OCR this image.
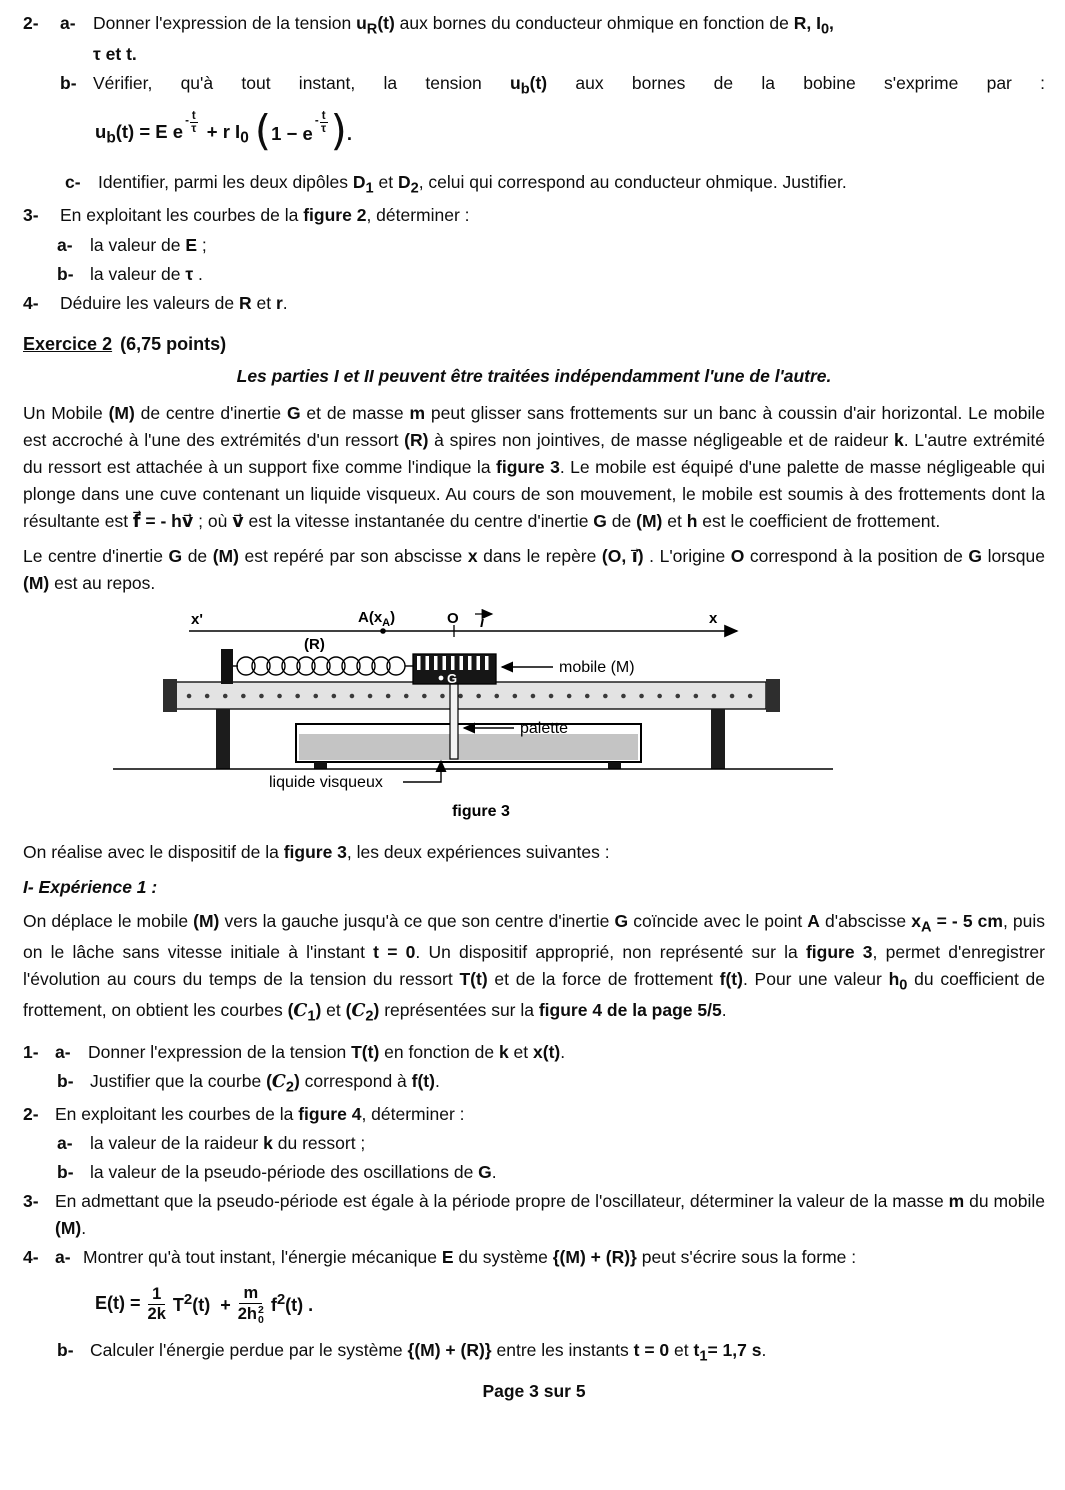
2-	a- Donner l'expression de la tension $u_R(t)$ aux bornes du conducteur ohmique en fonction de R, $I_0$,
τ et t.
b- Vérifier, qu'à tout instant, la tension $u_b(t)$ aux bornes de la bobine s'exprime par :
$u_b(t) = E$ $e - \frac{t}{\tau} + r$ $I_0$ ( 1 − e
- $\frac{t}{\tau}$ ) .
c- Identifier, parmi les deux dipôles $D_1$ et $D_2$, celui qui correspond au conducteur ohmique. Justifier.
3-	En exploitant les courbes de la figure 2, déterminer :
a- la valeur de E ;
b- la valeur de τ .
4-	Déduire les valeurs de R et r.
Exercice 2 (6,75 points)
Les parties I et II peuvent être traitées indépendamment l'une de l'autre.
Un Mobile (M) de centre d'inertie G et de masse m peut glisser sans frottements sur un banc à coussin d'air horizontal. Le mobile est accroché à l'une des extrémités d'un ressort (R) à spires non jointives, de masse négligeable et de raideur k. L'autre extrémité du ressort est attachée à un support fixe comme l'indique la figure 3. Le mobile est équipé d'une palette de masse négligeable qui plonge dans une cuve contenant un liquide visqueux. Au cours de son mouvement, le mobile est soumis à des frottements dont la résultante est f⃗ = - hv⃗ ; où v⃗ est la vitesse instantanée du centre d'inertie G de (M) et h est le coefficient de frottement.
Le centre d'inertie G de (M) est repéré par son abscisse x dans le repère (O, i⃗) . L'origine O correspond à la position de G lorsque (M) est au repos.
x'	$A(x_A)$	O i	x
(R)
G
mobile (M)
palette
liquide visqueux
figure 3
On réalise avec le dispositif de la figure 3, les deux expériences suivantes :
I- Expérience 1 :
On déplace le mobile (M) vers la gauche jusqu'à ce que son centre d'inertie G coïncide avec le point A d'abscisse $x_A$ = - 5 cm, puis on le lâche sans vitesse initiale à l'instant t = 0. Un dispositif approprié, non représenté sur la figure 3, permet d'enregistrer l'évolution au cours du temps de la tension du ressort T(t) et de la force de frottement f(t). Pour une valeur $h_0$ du coefficient de frottement, on obtient les courbes $(C_1)$ et $(C_2)$ représentées sur la figure 4 de la page 5/5.
1- a- Donner l'expression de la tension T(t) en fonction de k et x(t).
b- Justifier que la courbe $(C_2)$ correspond à f(t).
2- En exploitant les courbes de la figure 4, déterminer :
a- la valeur de la raideur k du ressort ;
b- la valeur de la pseudo-période des oscillations de G.
3- En admettant que la pseudo-période est égale à la période propre de l'oscillateur, déterminer la valeur de la masse m du mobile (M).
4- a- Montrer qu'à tout instant, l'énergie mécanique E du système {(M) + (R)} peut s'écrire sous la forme :
$E(t) = \frac{1}{2k} T^2(t) + m$
2h 2
0 $f^2(t)$ .
b- Calculer l'énergie perdue par le système {(M) + (R)} entre les instants t = 0 et $t_1= 1,7$ s.
Page 3 sur 5
